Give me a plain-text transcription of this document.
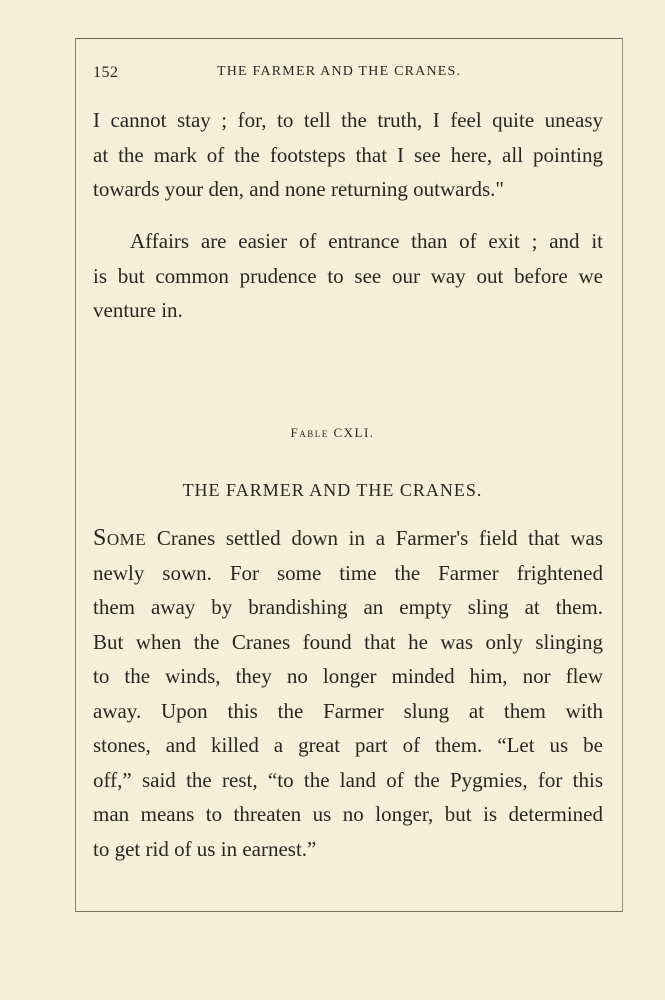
152	THE FARMER AND THE CRANES.
I cannot stay ; for, to tell the truth, I feel quite uneasy
at the mark of the footsteps that I see here, all pointing
towards your den, and none returning outwards."
Affairs are easier of entrance than of exit ; and it
is but common prudence to see our way out before we
venture in.
Fable CXLI.
THE FARMER AND THE CRANES.
Some Cranes settled down in a Farmer's field that was
newly sown. For some time the Farmer frightened
them away by brandishing an empty sling at them.
But when the Cranes found that he was only slinging
to the winds, they no longer minded him, nor flew
away. Upon this the Farmer slung at them with
stones, and killed a great part of them. “Let us be
off,” said the rest, “to the land of the Pygmies, for this
man means to threaten us no longer, but is determined
to get rid of us in earnest.”
